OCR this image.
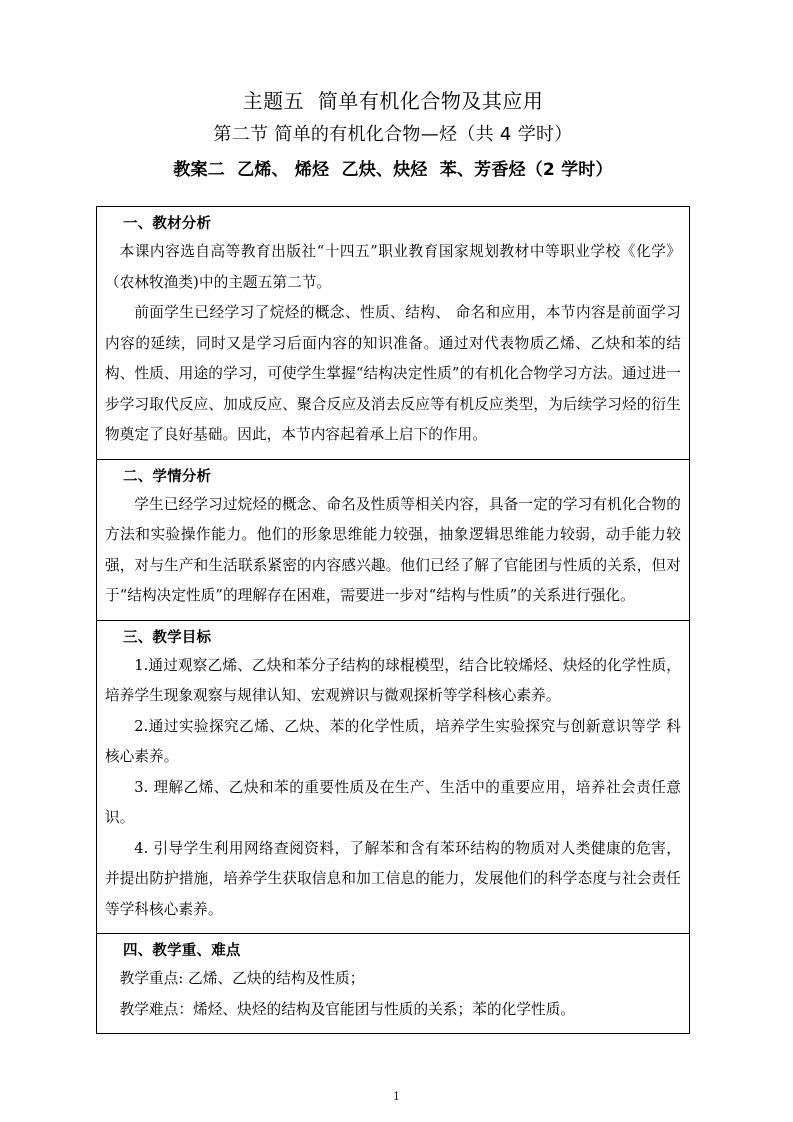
主题五  简单有机化合物及其应用
第二节 简单的有机化合物—烃（共 4 学时）
教案二  乙烯、 烯烃  乙炔、炔烃  苯、芳香烃（2 学时）
一、教材分析

本课内容选自高等教育出版社“十四五”职业教育国家规划教材中等职业学校《化学》（农林牧渔类)中的主题五第二节。

前面学生已经学习了烷烃的概念、性质、结构、 命名和应用，本节内容是前面学习内容的延续，同时又是学习后面内容的知识准备。通过对代表物质乙烯、乙炔和苯的结构、性质、用途的学习，可使学生掌握“结构决定性质”的有机化合物学习方法。通过进一步学习取代反应、加成反应、聚合反应及消去反应等有机反应类型，为后续学习烃的衍生物奠定了良好基础。因此，本节内容起着承上启下的作用。

二、学情分析

学生已经学习过烷烃的概念、命名及性质等相关内容，具备一定的学习有机化合物的方法和实验操作能力。他们的形象思维能力较强，抽象逻辑思维能力较弱，动手能力较强，对与生产和生活联系紧密的内容感兴趣。他们已经了解了官能团与性质的关系，但对于“结构决定性质”的理解存在困难，需要进一步对“结构与性质”的关系进行强化。

三、教学目标

1.通过观察乙烯、乙炔和苯分子结构的球棍模型，结合比较烯烃、炔烃的化学性质，培养学生现象观察与规律认知、宏观辨识与微观探析等学科核心素养。

2.通过实验探究乙烯、乙炔、苯的化学性质，培养学生实验探究与创新意识等学 科核心素养。

3. 理解乙烯、乙炔和苯的重要性质及在生产、生活中的重要应用，培养社会责任意识。

4. 引导学生利用网络查阅资料，了解苯和含有苯环结构的物质对人类健康的危害，并提出防护措施，培养学生获取信息和加工信息的能力，发展他们的科学态度与社会责任等学科核心素养。

四、教学重、难点

教学重点: 乙烯、乙炔的结构及性质；

教学难点：烯烃、炔烃的结构及官能团与性质的关系；苯的化学性质。

1
